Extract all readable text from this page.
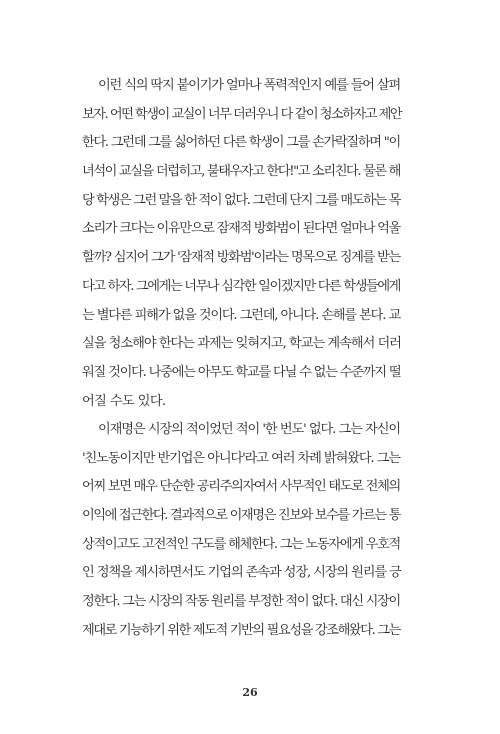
이런 식의 딱지 붙이기가 얼마나 폭력적인지 예를 들어 살펴
보자. 어떤 학생이 교실이 너무 더러우니 다 같이 청소하자고 제안
한다. 그런데 그를 싫어하던 다른 학생이 그를 손가락질하며 "이
녀석이 교실을 더럽히고, 불태우자고 한다!"고 소리친다. 물론 해
당 학생은 그런 말을 한 적이 없다. 그런데 단지 그를 매도하는 목
소리가 크다는 이유만으로 잠재적 방화범이 된다면 얼마나 억울
할까? 심지어 그가 '잠재적 방화범'이라는 명목으로 징계를 받는
다고 하자. 그에게는 너무나 심각한 일이겠지만 다른 학생들에게
는 별다른 피해가 없을 것이다. 그런데, 아니다. 손해를 본다. 교
실을 청소해야 한다는 과제는 잊혀지고, 학교는 계속해서 더러
워질 것이다. 나중에는 아무도 학교를 다닐 수 없는 수준까지 떨
어질 수도 있다.
이재명은 시장의 적이었던 적이 '한 번도' 없다. 그는 자신이
'친노동이지만 반기업은 아니다'라고 여러 차례 밝혀왔다. 그는
어찌 보면 매우 단순한 공리주의자여서 사무적인 태도로 전체의
이익에 접근한다. 결과적으로 이재명은 진보와 보수를 가르는 통
상적이고도 고전적인 구도를 해체한다. 그는 노동자에게 우호적
인 정책을 제시하면서도 기업의 존속과 성장, 시장의 원리를 긍
정한다. 그는 시장의 작동 원리를 부정한 적이 없다. 대신 시장이
제대로 기능하기 위한 제도적 기반의 필요성을 강조해왔다. 그는
26
